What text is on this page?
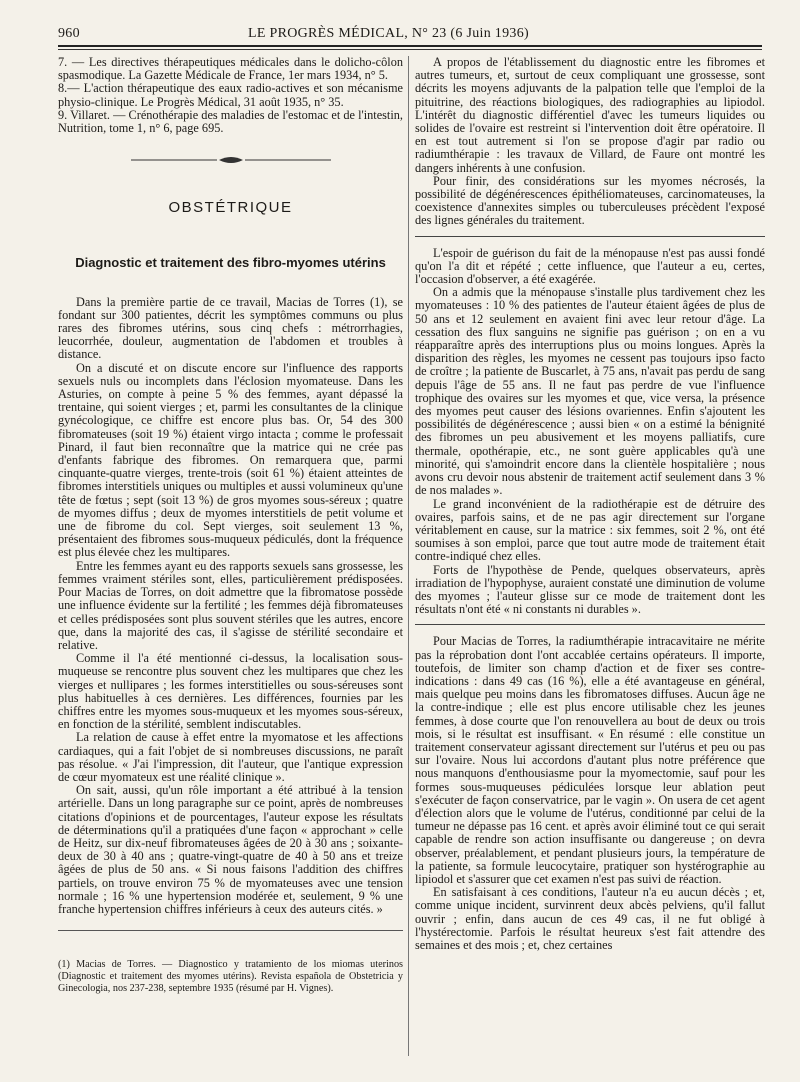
960	LE PROGRÈS MÉDICAL, N° 23 (6 Juin 1936)

7. — Les directives thérapeutiques médicales dans le dolicho-côlon spasmodique. La Gazette Médicale de France, 1er mars 1934, n° 5.

8.— L'action thérapeutique des eaux radio-actives et son mécanisme physio-clinique. Le Progrès Médical, 31 août 1935, n° 35.

9. Villaret. — Crénothérapie des maladies de l'estomac et de l'intestin, Nutrition, tome 1, n° 6, page 695.

OBSTÉTRIQUE
Diagnostic et traitement des fibro-myomes utérins

Dans la première partie de ce travail, Macias de Torres (1), se fondant sur 300 patientes, décrit les symptômes communs ou plus rares des fibromes utérins, sous cinq chefs : métrorrhagies, leucorrhée, douleur, augmentation de l'abdomen et troubles à distance.

On a discuté et on discute encore sur l'influence des rapports sexuels nuls ou incomplets dans l'éclosion myomateuse. Dans les Asturies, on compte à peine 5 % des femmes, ayant dépassé la trentaine, qui soient vierges ; et, parmi les consultantes de la clinique gynécologique, ce chiffre est encore plus bas. Or, 54 des 300 fibromateuses (soit 19 %) étaient virgo intacta ; comme le professait Pinard, il faut bien reconnaître que la matrice qui ne crée pas d'enfants fabrique des fibromes. On remarquera que, parmi cinquante-quatre vierges, trente-trois (soit 61 %) étaient atteintes de fibromes interstitiels uniques ou multiples et aussi volumineux qu'une tête de fœtus ; sept (soit 13 %) de gros myomes sous-séreux ; quatre de myomes diffus ; deux de myomes interstitiels de petit volume et une de fibrome du col. Sept vierges, soit seulement 13 %, présentaient des fibromes sous-muqueux pédiculés, dont la fréquence est plus élevée chez les multipares.

Entre les femmes ayant eu des rapports sexuels sans grossesse, les femmes vraiment stériles sont, elles, particulièrement prédisposées. Pour Macias de Torres, on doit admettre que la fibromatose possède une influence évidente sur la fertilité ; les femmes déjà fibromateuses et celles prédisposées sont plus souvent stériles que les autres, encore que, dans la majorité des cas, il s'agisse de stérilité secondaire et relative.

Comme il l'a été mentionné ci-dessus, la localisation sous-muqueuse se rencontre plus souvent chez les multipares que chez les vierges et nullipares ; les formes interstitielles ou sous-séreuses sont plus habituelles à ces dernières. Les différences, fournies par les chiffres entre les myomes sous-muqueux et les myomes sous-séreux, en fonction de la stérilité, semblent indiscutables.

La relation de cause à effet entre la myomatose et les affections cardiaques, qui a fait l'objet de si nombreuses discussions, ne paraît pas résolue. « J'ai l'impression, dit l'auteur, que l'antique expression de cœur myomateux est une réalité clinique ».

On sait, aussi, qu'un rôle important a été attribué à la tension artérielle. Dans un long paragraphe sur ce point, après de nombreuses citations d'opinions et de pourcentages, l'auteur expose les résultats de déterminations qu'il a pratiquées d'une façon « approchant » celle de Heitz, sur dix-neuf fibromateuses âgées de 20 à 30 ans ; soixante-deux de 30 à 40 ans ; quatre-vingt-quatre de 40 à 50 ans et treize âgées de plus de 50 ans. « Si nous faisons l'addition des chiffres partiels, on trouve environ 75 % de myomateuses avec une tension normale ; 16 % une hypertension modérée et, seulement, 9 % une franche hypertension chiffres inférieurs à ceux des auteurs cités. »

(1) Macias de Torres. — Diagnostico y tratamiento de los miomas uterinos (Diagnostic et traitement des myomes utérins). Revista española de Obstetricia y Ginecologia, nos 237-238, septembre 1935 (résumé par H. Vignes).

A propos de l'établissement du diagnostic entre les fibromes et autres tumeurs, et, surtout de ceux compliquant une grossesse, sont décrits les moyens adjuvants de la palpation telle que l'emploi de la pituitrine, des réactions biologiques, des radiographies au lipiodol. L'intérêt du diagnostic différentiel d'avec les tumeurs liquides ou solides de l'ovaire est restreint si l'intervention doit être opératoire. Il en est tout autrement si l'on se propose d'agir par radio ou radiumthérapie : les travaux de Villard, de Faure ont montré les dangers inhérents à une confusion.

Pour finir, des considérations sur les myomes nécrosés, la possibilité de dégénérescences épithéliomateuses, carcinomateuses, la coexistence d'annexites simples ou tuberculeuses précèdent l'exposé des lignes générales du traitement.

L'espoir de guérison du fait de la ménopause n'est pas aussi fondé qu'on l'a dit et répété ; cette influence, que l'auteur a eu, certes, l'occasion d'observer, a été exagérée.

On a admis que la ménopause s'installe plus tardivement chez les myomateuses : 10 % des patientes de l'auteur étaient âgées de plus de 50 ans et 12 seulement en avaient fini avec leur retour d'âge. La cessation des flux sanguins ne signifie pas guérison ; on en a vu réapparaître après des interruptions plus ou moins longues. Après la disparition des règles, les myomes ne cessent pas toujours ipso facto de croître ; la patiente de Buscarlet, à 75 ans, n'avait pas perdu de sang depuis l'âge de 55 ans. Il ne faut pas perdre de vue l'influence trophique des ovaires sur les myomes et que, vice versa, la présence des myomes peut causer des lésions ovariennes. Enfin s'ajoutent les possibilités de dégénérescence ; aussi bien « on a estimé la bénignité des fibromes un peu abusivement et les moyens palliatifs, cure thermale, opothérapie, etc., ne sont guère applicables qu'à une minorité, qui s'amoindrit encore dans la clientèle hospitalière ; nous avons cru devoir nous abstenir de traitement actif seulement dans 3 % de nos malades ».

Le grand inconvénient de la radiothérapie est de détruire des ovaires, parfois sains, et de ne pas agir directement sur l'organe véritablement en cause, sur la matrice : six femmes, soit 2 %, ont été soumises à son emploi, parce que tout autre mode de traitement était contre-indiqué chez elles.

Forts de l'hypothèse de Pende, quelques observateurs, après irradiation de l'hypophyse, auraient constaté une diminution de volume des myomes ; l'auteur glisse sur ce mode de traitement dont les résultats n'ont été « ni constants ni durables ».

Pour Macias de Torres, la radiumthérapie intracavitaire ne mérite pas la réprobation dont l'ont accablée certains opérateurs. Il importe, toutefois, de limiter son champ d'action et de fixer ses contre-indications : dans 49 cas (16 %), elle a été avantageuse en général, mais quelque peu moins dans les fibromatoses diffuses. Aucun âge ne la contre-indique ; elle est plus encore utilisable chez les jeunes femmes, à dose courte que l'on renouvellera au bout de deux ou trois mois, si le résultat est insuffisant. « En résumé : elle constitue un traitement conservateur agissant directement sur l'utérus et peu ou pas sur l'ovaire. Nous lui accordons d'autant plus notre préférence que nous manquons d'enthousiasme pour la myomectomie, sauf pour les formes sous-muqueuses pédiculées lorsque leur ablation peut s'exécuter de façon conservatrice, par le vagin ». On usera de cet agent d'élection alors que le volume de l'utérus, conditionné par celui de la tumeur ne dépasse pas 16 cent. et après avoir éliminé tout ce qui serait capable de rendre son action insuffisante ou dangereuse ; on devra observer, préalablement, et pendant plusieurs jours, la température de la patiente, sa formule leucocytaire, pratiquer son hystérographie au lipiodol et s'assurer que cet examen n'est pas suivi de réaction.

En satisfaisant à ces conditions, l'auteur n'a eu aucun décès ; et, comme unique incident, survinrent deux abcès pelviens, qu'il fallut ouvrir ; enfin, dans aucun de ces 49 cas, il ne fut obligé à l'hystérectomie. Parfois le résultat heureux s'est fait attendre des semaines et des mois ; et, chez certaines
